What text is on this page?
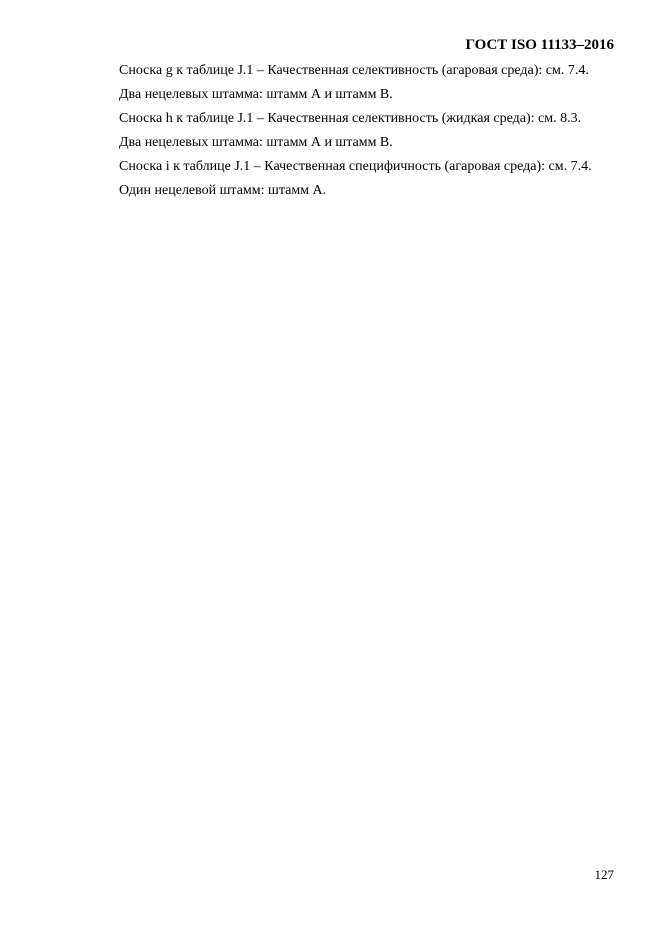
ГОСТ ISO 11133–2016

Сноска g к таблице J.1 – Качественная селективность (агаровая среда): см. 7.4.

Два нецелевых штамма: штамм А и штамм В.

Сноска h к таблице J.1 – Качественная селективность (жидкая среда): см. 8.3.

Два нецелевых штамма: штамм А и штамм В.

Сноска i к таблице J.1 – Качественная специфичность (агаровая среда): см. 7.4.

Один нецелевой штамм: штамм А.

127
